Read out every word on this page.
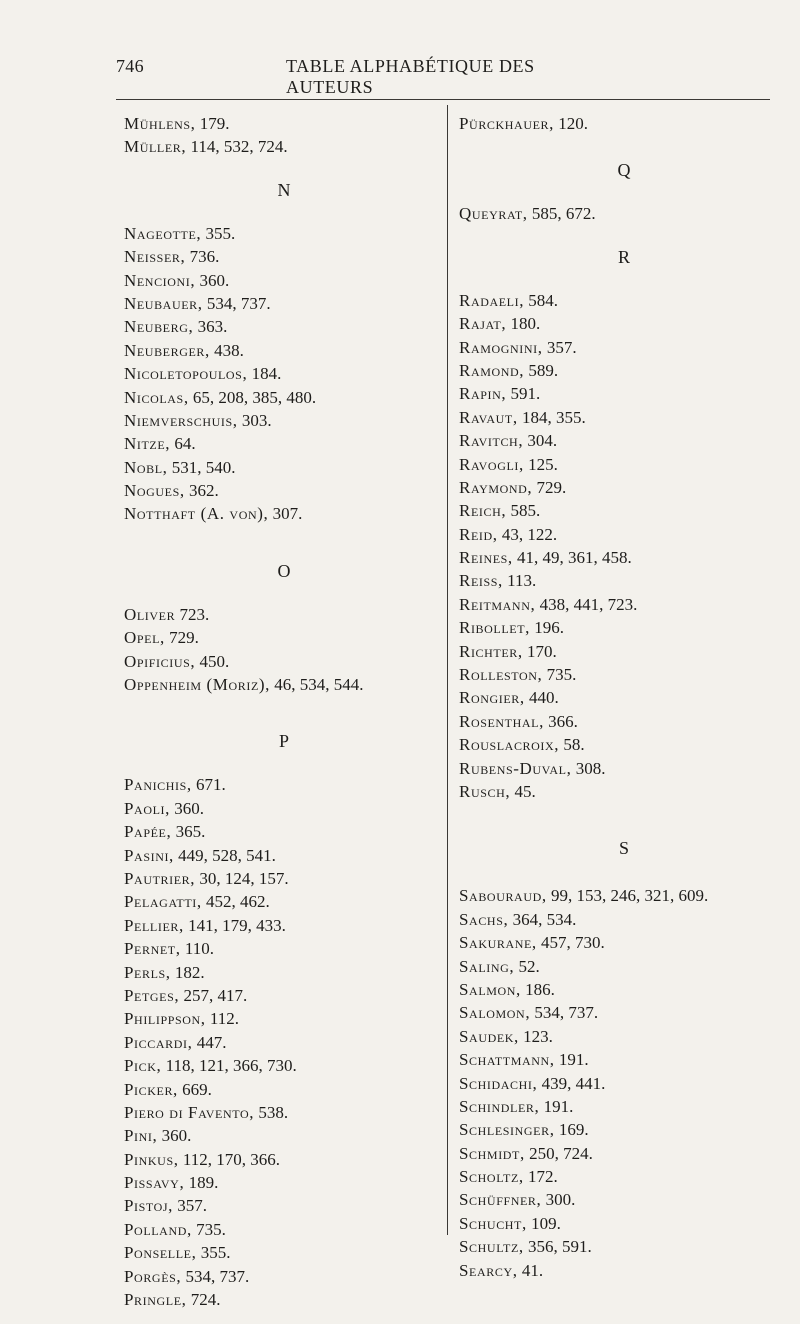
746	TABLE ALPHABÉTIQUE DES AUTEURS
Mühlens, 179.
Müller, 114, 532, 724.
N
Nageotte, 355.
Neisser, 736.
Nencioni, 360.
Neubauer, 534, 737.
Neuberg, 363.
Neuberger, 438.
Nicoletopoulos, 184.
Nicolas, 65, 208, 385, 480.
Niemverschuis, 303.
Nitze, 64.
Nobl, 531, 540.
Nogues, 362.
Notthaft (A. von), 307.
O
Oliver 723.
Opel, 729.
Opificius, 450.
Oppenheim (Moriz), 46, 534, 544.
P
Panichis, 671.
Paoli, 360.
Papée, 365.
Pasini, 449, 528, 541.
Pautrier, 30, 124, 157.
Pelagatti, 452, 462.
Pellier, 141, 179, 433.
Pernet, 110.
Perls, 182.
Petges, 257, 417.
Philippson, 112.
Piccardi, 447.
Pick, 118, 121, 366, 730.
Picker, 669.
Piero di Favento, 538.
Pini, 360.
Pinkus, 112, 170, 366.
Pissavy, 189.
Pistoj, 357.
Polland, 735.
Ponselle, 355.
Porgès, 534, 737.
Pringle, 724.
Pürckhauer, 120.
Q
Queyrat, 585, 672.
R
Radaeli, 584.
Rajat, 180.
Ramognini, 357.
Ramond, 589.
Rapin, 591.
Ravaut, 184, 355.
Ravitch, 304.
Ravogli, 125.
Raymond, 729.
Reich, 585.
Reid, 43, 122.
Reines, 41, 49, 361, 458.
Reiss, 113.
Reitmann, 438, 441, 723.
Ribollet, 196.
Richter, 170.
Rolleston, 735.
Rongier, 440.
Rosenthal, 366.
Rouslacroix, 58.
Rubens-Duval, 308.
Rusch, 45.
S
Sabouraud, 99, 153, 246, 321, 609.
Sachs, 364, 534.
Sakurane, 457, 730.
Saling, 52.
Salmon, 186.
Salomon, 534, 737.
Saudek, 123.
Schattmann, 191.
Schidachi, 439, 441.
Schindler, 191.
Schlesinger, 169.
Schmidt, 250, 724.
Scholtz, 172.
Schüffner, 300.
Schucht, 109.
Schultz, 356, 591.
Searcy, 41.
